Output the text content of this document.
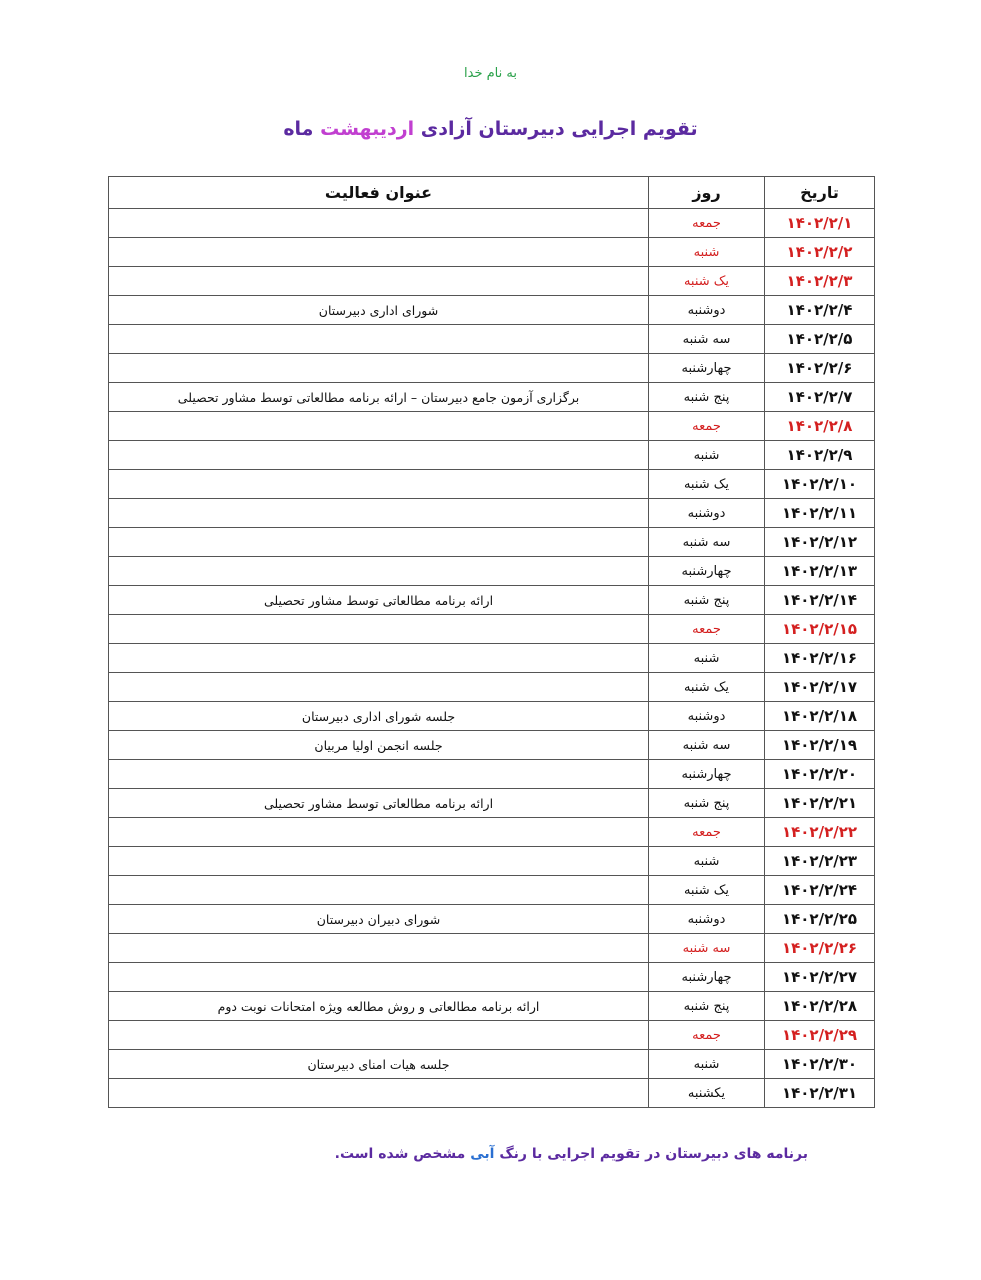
به نام خدا
تقویم اجرایی دبیرستان آزادی اردیبهشت ماه
تاریخ	روز	عنوان فعالیت
۱۴۰۲/۲/۱	جمعه	
۱۴۰۲/۲/۲	شنبه	
۱۴۰۲/۲/۳	یک شنبه	
۱۴۰۲/۲/۴	دوشنبه	شورای اداری دبیرستان
۱۴۰۲/۲/۵	سه شنبه	
۱۴۰۲/۲/۶	چهارشنبه	
۱۴۰۲/۲/۷	پنج شنبه	برگزاری آزمون جامع دبیرستان – ارائه برنامه مطالعاتی توسط مشاور تحصیلی
۱۴۰۲/۲/۸	جمعه	
۱۴۰۲/۲/۹	شنبه	
۱۴۰۲/۲/۱۰	یک شنبه	
۱۴۰۲/۲/۱۱	دوشنبه	
۱۴۰۲/۲/۱۲	سه شنبه	
۱۴۰۲/۲/۱۳	چهارشنبه	
۱۴۰۲/۲/۱۴	پنج شنبه	ارائه برنامه مطالعاتی توسط مشاور تحصیلی
۱۴۰۲/۲/۱۵	جمعه	
۱۴۰۲/۲/۱۶	شنبه	
۱۴۰۲/۲/۱۷	یک شنبه	
۱۴۰۲/۲/۱۸	دوشنبه	جلسه شورای اداری دبیرستان
۱۴۰۲/۲/۱۹	سه شنبه	جلسه انجمن اولیا مربیان
۱۴۰۲/۲/۲۰	چهارشنبه	
۱۴۰۲/۲/۲۱	پنج شنبه	ارائه برنامه مطالعاتی توسط مشاور تحصیلی
۱۴۰۲/۲/۲۲	جمعه	
۱۴۰۲/۲/۲۳	شنبه	
۱۴۰۲/۲/۲۴	یک شنبه	
۱۴۰۲/۲/۲۵	دوشنبه	شورای دبیران دبیرستان
۱۴۰۲/۲/۲۶	سه شنبه	
۱۴۰۲/۲/۲۷	چهارشنبه	
۱۴۰۲/۲/۲۸	پنج شنبه	ارائه برنامه مطالعاتی و روش مطالعه ویژه امتحانات نوبت دوم
۱۴۰۲/۲/۲۹	جمعه	
۱۴۰۲/۲/۳۰	شنبه	جلسه هیات امنای دبیرستان
۱۴۰۲/۲/۳۱	یکشنبه	
برنامه های دبیرستان در تقویم اجرایی با رنگ آبی مشخص شده است.
